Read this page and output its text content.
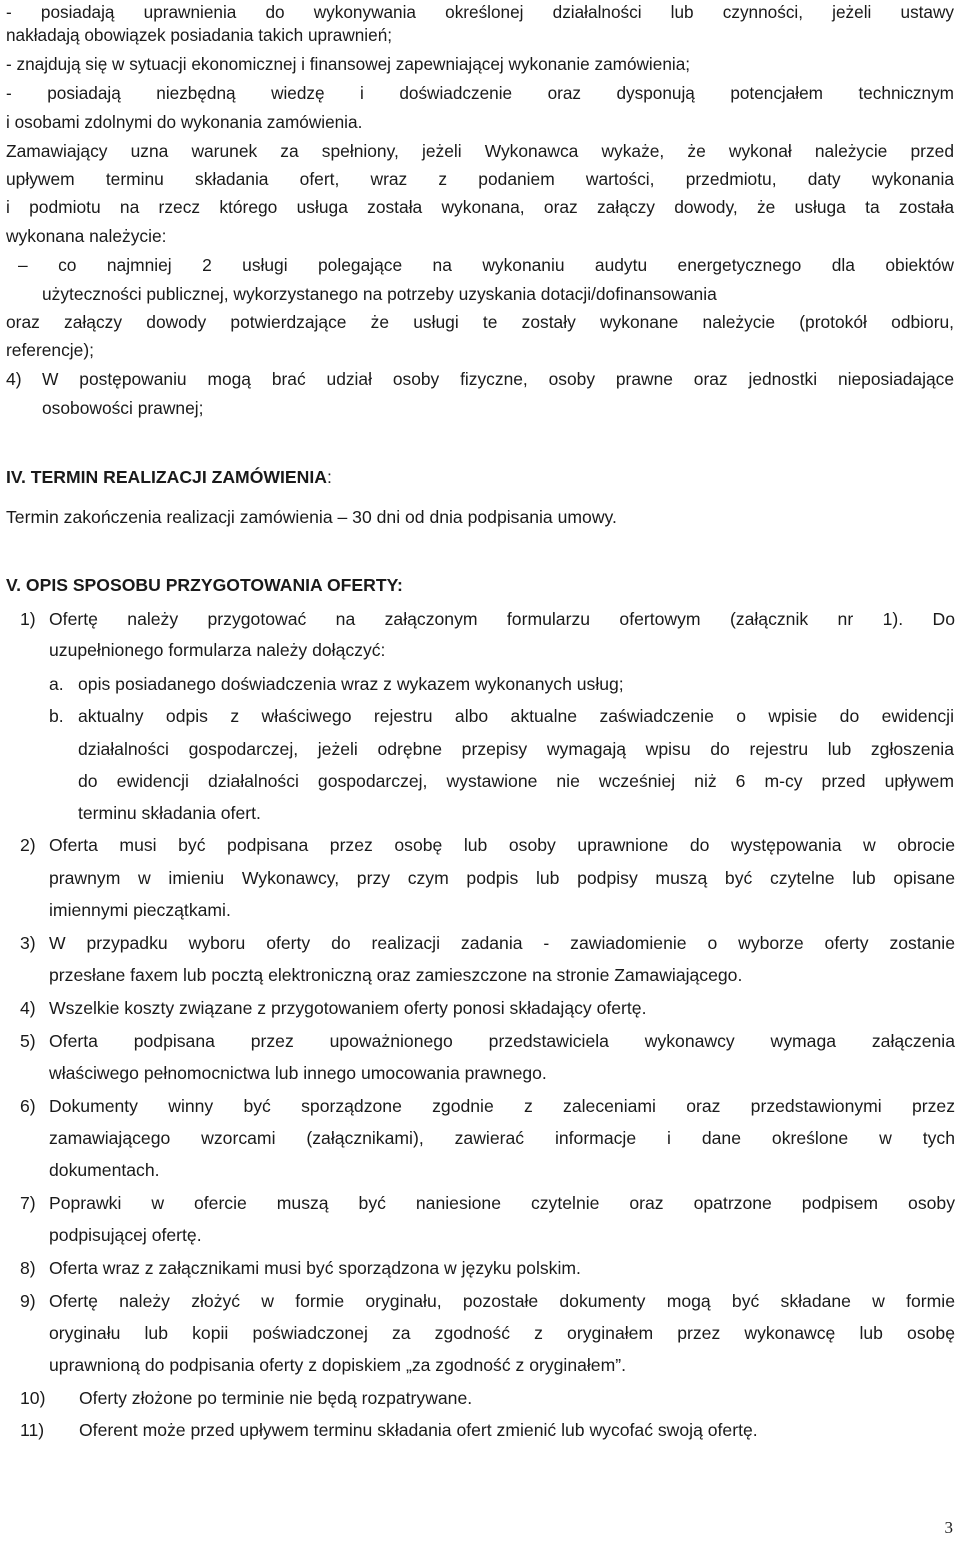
- posiadają uprawnienia do wykonywania określonej działalności lub czynności, jeżeli ustawy
nakładają obowiązek posiadania takich uprawnień;
- znajdują się w sytuacji ekonomicznej i finansowej zapewniającej wykonanie zamówienia;
- posiadają niezbędną wiedzę i doświadczenie oraz dysponują potencjałem technicznym
i osobami zdolnymi do wykonania zamówienia.
Zamawiający uzna warunek za spełniony, jeżeli Wykonawca wykaże, że wykonał należycie przed
upływem terminu składania ofert, wraz z podaniem wartości, przedmiotu, daty wykonania
i podmiotu na rzecz którego usługa została wykonana, oraz załączy dowody, że usługa ta została
wykonana należycie:
– co najmniej 2 usługi polegające na wykonaniu audytu energetycznego dla obiektów
użyteczności publicznej, wykorzystanego na potrzeby uzyskania dotacji/dofinansowania
oraz załączy dowody potwierdzające że usługi te zostały wykonane należycie (protokół odbioru,
referencje);
4) W postępowaniu mogą brać udział osoby fizyczne, osoby prawne oraz jednostki nieposiadające
osobowości prawnej;
IV. TERMIN REALIZACJI ZAMÓWIENIA:
Termin zakończenia realizacji zamówienia – 30 dni od dnia podpisania umowy.
V. OPIS SPOSOBU PRZYGOTOWANIA OFERTY:
1) Ofertę należy przygotować na załączonym formularzu ofertowym (załącznik nr 1). Do
uzupełnionego formularza należy dołączyć:
a. opis posiadanego doświadczenia wraz z wykazem wykonanych usług;
b. aktualny odpis z właściwego rejestru albo aktualne zaświadczenie o wpisie do ewidencji
działalności gospodarczej, jeżeli odrębne przepisy wymagają wpisu do rejestru lub zgłoszenia
do ewidencji działalności gospodarczej, wystawione nie wcześniej niż 6 m-cy przed upływem
terminu składania ofert.
2) Oferta musi być podpisana przez osobę lub osoby uprawnione do występowania w obrocie
prawnym w imieniu Wykonawcy, przy czym podpis lub podpisy muszą być czytelne lub opisane
imiennymi pieczątkami.
3) W przypadku wyboru oferty do realizacji zadania - zawiadomienie o wyborze oferty zostanie
przesłane faxem lub pocztą elektroniczną oraz zamieszczone na stronie Zamawiającego.
4) Wszelkie koszty związane z przygotowaniem oferty ponosi składający ofertę.
5) Oferta podpisana przez upoważnionego przedstawiciela wykonawcy wymaga załączenia
właściwego pełnomocnictwa lub innego umocowania prawnego.
6) Dokumenty winny być sporządzone zgodnie z zaleceniami oraz przedstawionymi przez
zamawiającego wzorcami (załącznikami), zawierać informacje i dane określone w tych
dokumentach.
7) Poprawki w ofercie muszą być naniesione czytelnie oraz opatrzone podpisem osoby
podpisującej ofertę.
8) Oferta wraz z załącznikami musi być sporządzona w języku polskim.
9) Ofertę należy złożyć w formie oryginału, pozostałe dokumenty mogą być składane w formie
oryginału lub kopii poświadczonej za zgodność z oryginałem przez wykonawcę lub osobę
uprawnioną do podpisania oferty z dopiskiem „za zgodność z oryginałem”.
10) Oferty złożone po terminie nie będą rozpatrywane.
11) Oferent może przed upływem terminu składania ofert zmienić lub wycofać swoją ofertę.
3
